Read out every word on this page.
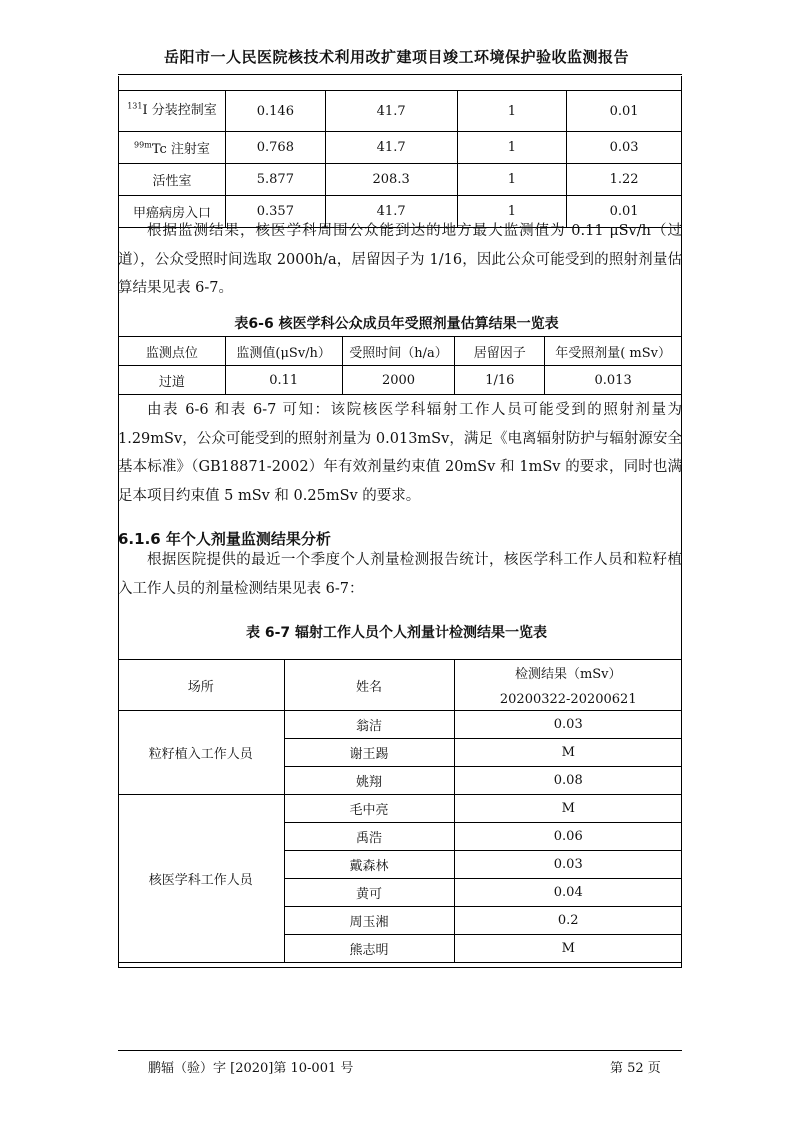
岳阳市一人民医院核技术利用改扩建项目竣工环境保护验收监测报告
$^{131}$I 分装控制室	0.146	41.7	1	0.01
$^{99m}$Tc 注射室	0.768	41.7	1	0.03
活性室	5.877	208.3	1	1.22
甲癌病房入口	0.357	41.7	1	0.01
根据监测结果，核医学科周围公众能到达的地方最大监测值为 0.11 μSv/h（过道），公众受照时间选取 2000h/a，居留因子为 1/16，因此公众可能受到的照射剂量估算结果见表 6-7。
表6-6 核医学科公众成员年受照剂量估算结果一览表
监测点位	监测值(μSv/h）	受照时间（h/a）	居留因子	年受照剂量( mSv）
过道	0.11	2000	1/16	0.013
由表 6-6 和表 6-7 可知：该院核医学科辐射工作人员可能受到的照射剂量为 1.29mSv，公众可能受到的照射剂量为 0.013mSv，满足《电离辐射防护与辐射源安全基本标准》（GB18871-2002）年有效剂量约束值 20mSv 和 1mSv 的要求，同时也满足本项目约束值 5 mSv 和 0.25mSv 的要求。
6.1.6 年个人剂量监测结果分析
根据医院提供的最近一个季度个人剂量检测报告统计，核医学科工作人员和粒籽植入工作人员的剂量检测结果见表 6-7：
表 6-7 辐射工作人员个人剂量计检测结果一览表
场所	姓名	检测结果（mSv）
20200322-20200621

粒籽植入工作人员	翁洁	0.03
	谢王踢	M
	姚翔	0.08
核医学科工作人员	毛中亮	M
	禹浩	0.06
	戴森林	0.03
	黄可	0.04
	周玉湘	0.2
	熊志明	M
鹏辐（验）字 [2020]第 10-001 号	第 52 页
